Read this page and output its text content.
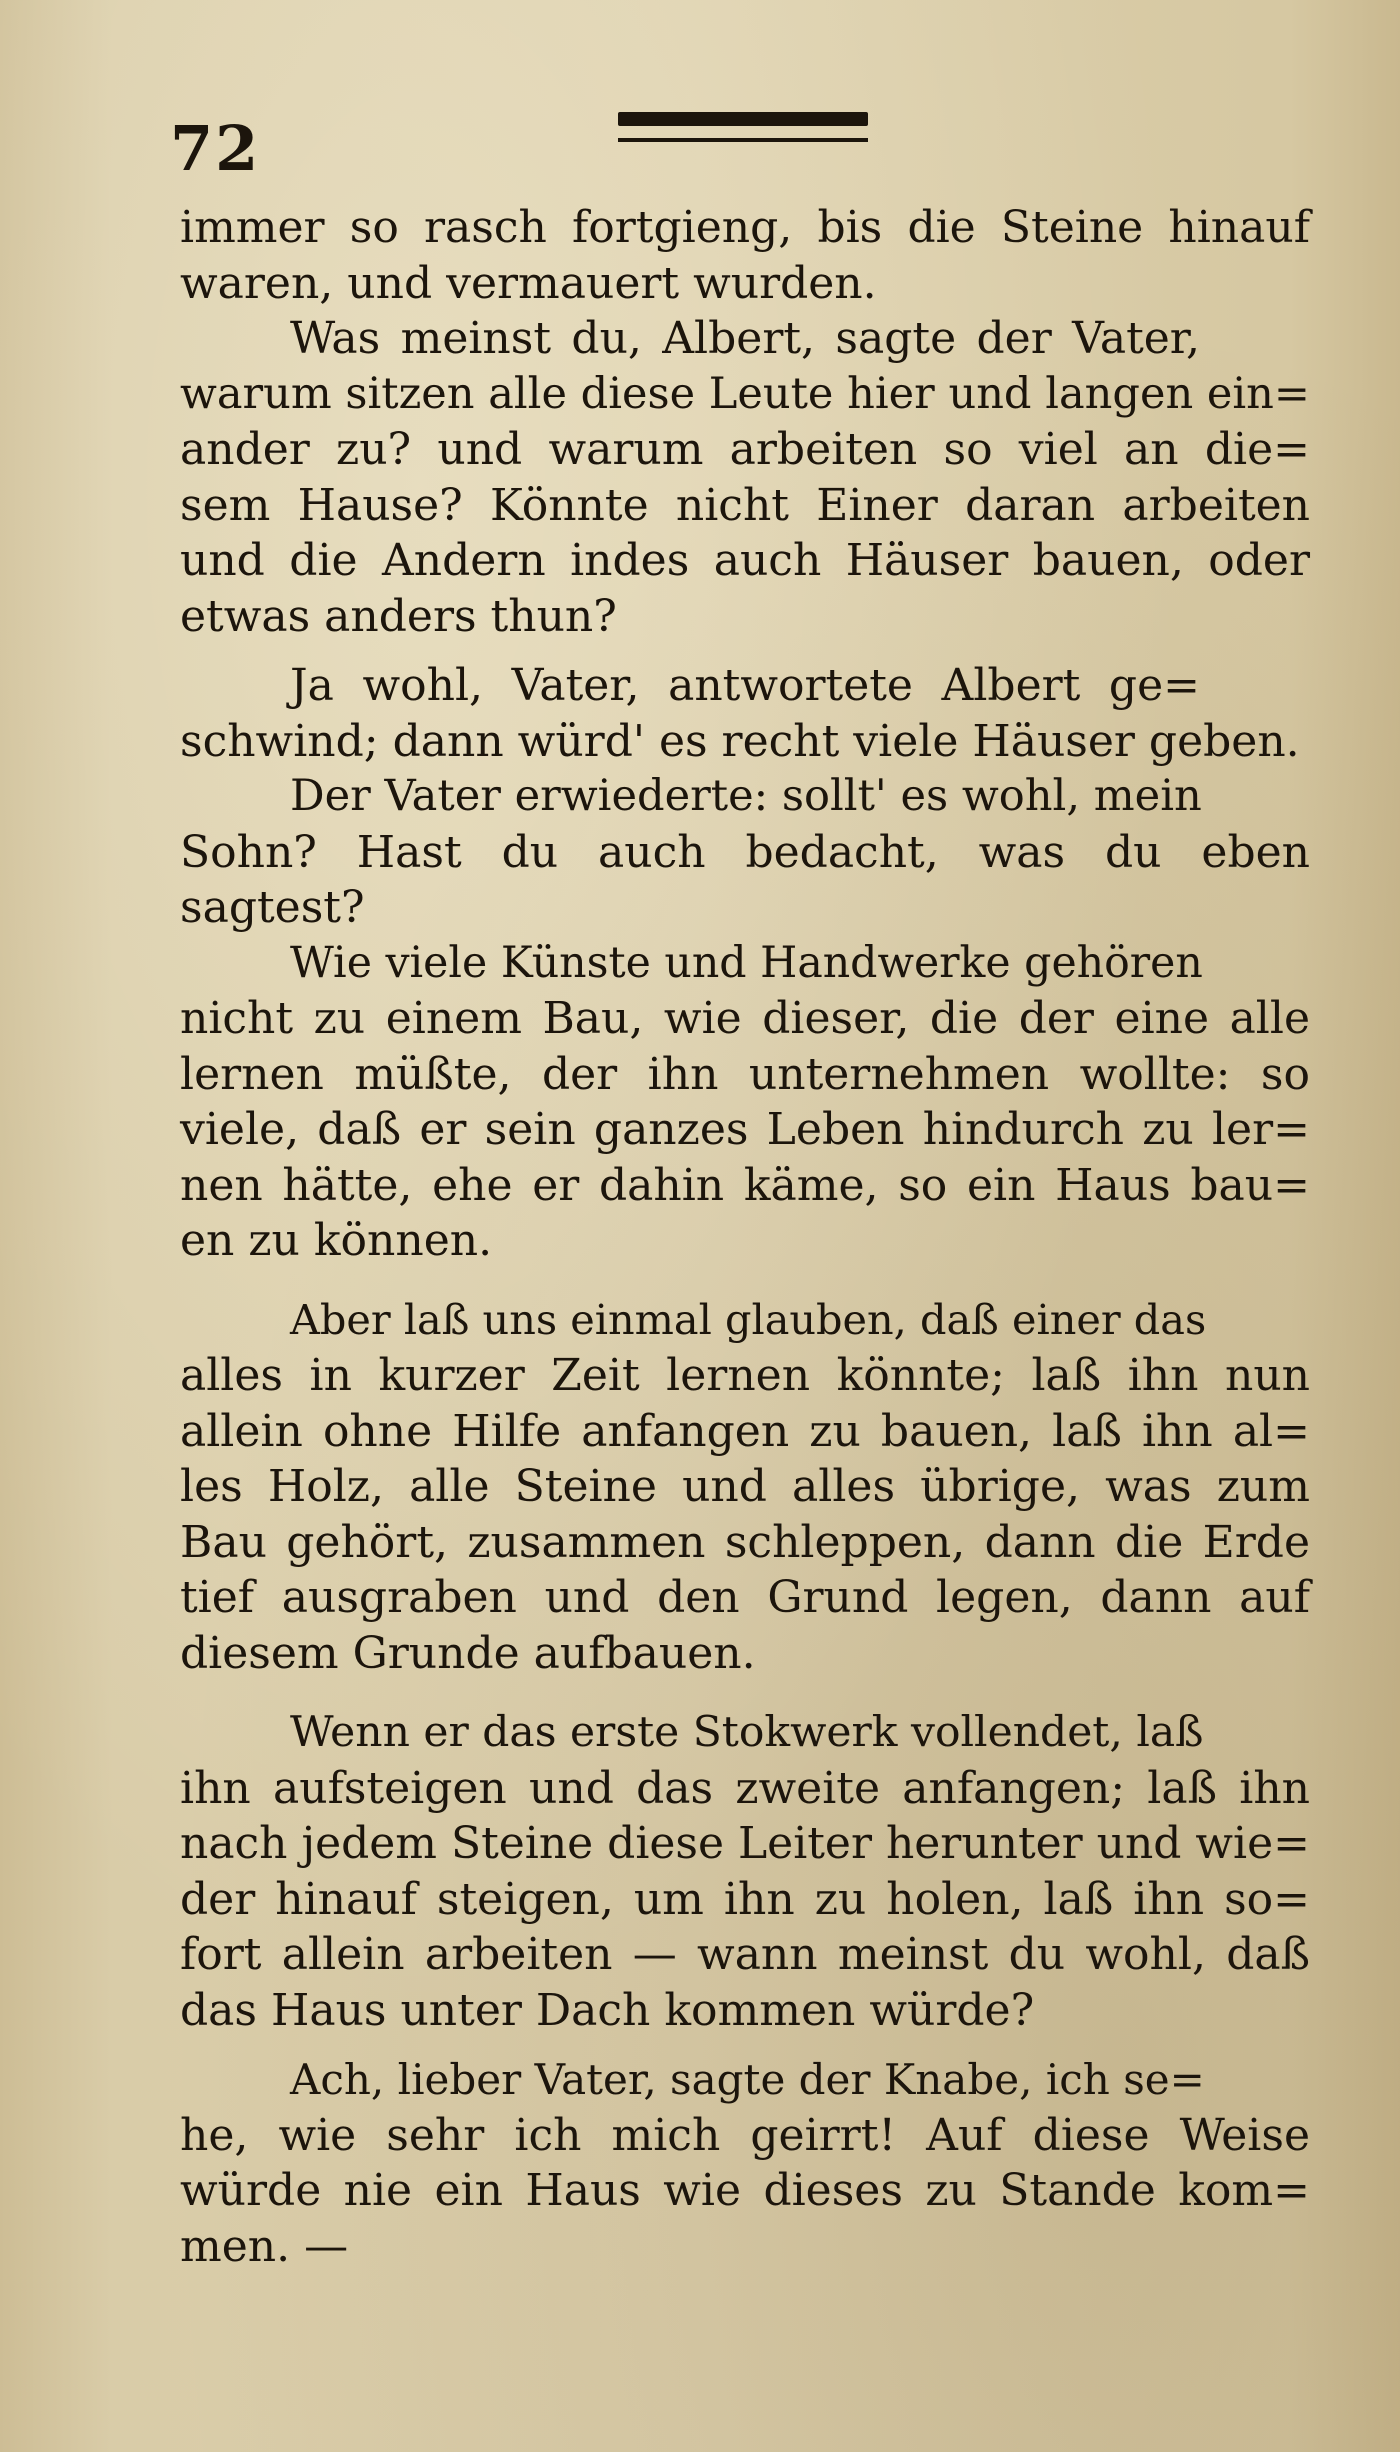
72

immer so rasch fortgieng, bis die Steine hinauf
waren, und vermauert wurden.

Was meinst du, Albert, sagte der Vater,
warum sitzen alle diese Leute hier und langen ein=
ander zu? und warum arbeiten so viel an die=
sem Hause? Könnte nicht Einer daran arbeiten
und die Andern indes auch Häuser bauen, oder
etwas anders thun?

Ja wohl, Vater, antwortete Albert ge=
schwind; dann würd' es recht viele Häuser geben.

Der Vater erwiederte: sollt' es wohl, mein
Sohn? Hast du auch bedacht, was du eben
sagtest?

Wie viele Künste und Handwerke gehören
nicht zu einem Bau, wie dieser, die der eine alle
lernen müßte, der ihn unternehmen wollte: so
viele, daß er sein ganzes Leben hindurch zu ler=
nen hätte, ehe er dahin käme, so ein Haus bau=
en zu können.

Aber laß uns einmal glauben, daß einer das
alles in kurzer Zeit lernen könnte; laß ihn nun
allein ohne Hilfe anfangen zu bauen, laß ihn al=
les Holz, alle Steine und alles übrige, was zum
Bau gehört, zusammen schleppen, dann die Erde
tief ausgraben und den Grund legen, dann auf
diesem Grunde aufbauen.

Wenn er das erste Stokwerk vollendet, laß
ihn aufsteigen und das zweite anfangen; laß ihn
nach jedem Steine diese Leiter herunter und wie=
der hinauf steigen, um ihn zu holen, laß ihn so=
fort allein arbeiten — wann meinst du wohl, daß
das Haus unter Dach kommen würde?

Ach, lieber Vater, sagte der Knabe, ich se=
he, wie sehr ich mich geirrt! Auf diese Weise
würde nie ein Haus wie dieses zu Stande kom=
men. —
